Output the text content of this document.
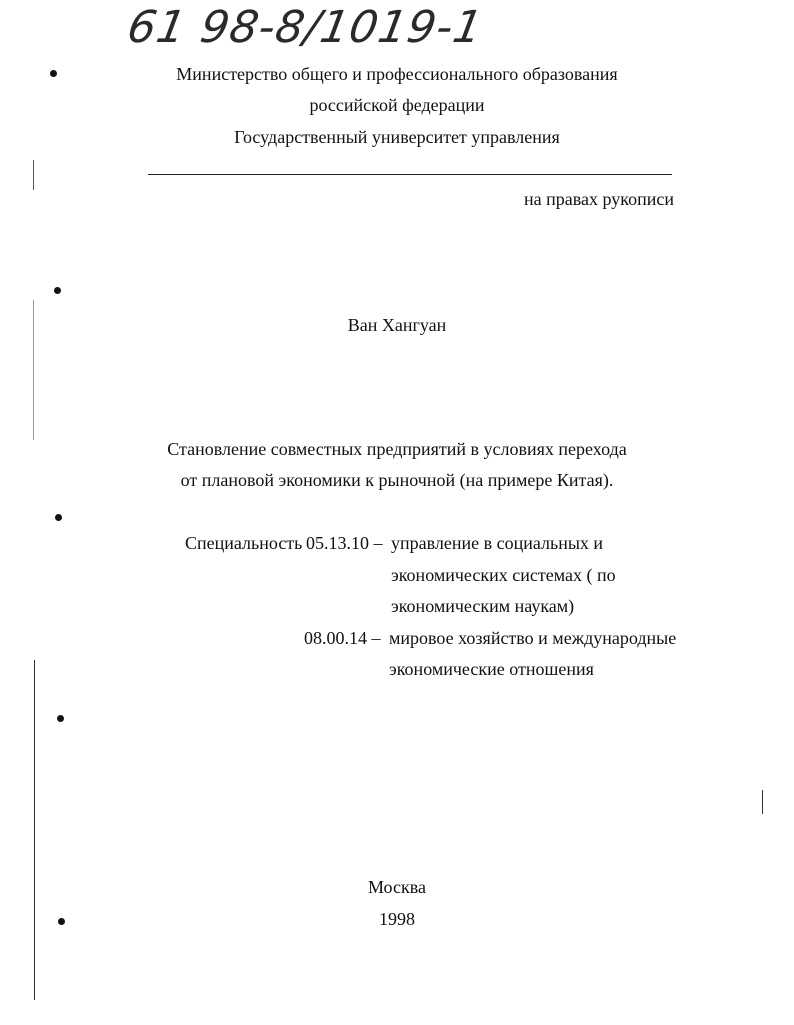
61 98-8/1019-1
Министерство общего и профессионального образования
российской федерации
Государственный университет управления
на правах рукописи
Ван Хангуан
Становление совместных предприятий в условиях перехода
от плановой экономики к рыночной (на примере Китая).
Специальность 05.13.10 – управление в социальных и
экономических системах ( по
экономическим наукам)
08.00.14 – мировое хозяйство и международные
экономические отношения
Москва
1998
